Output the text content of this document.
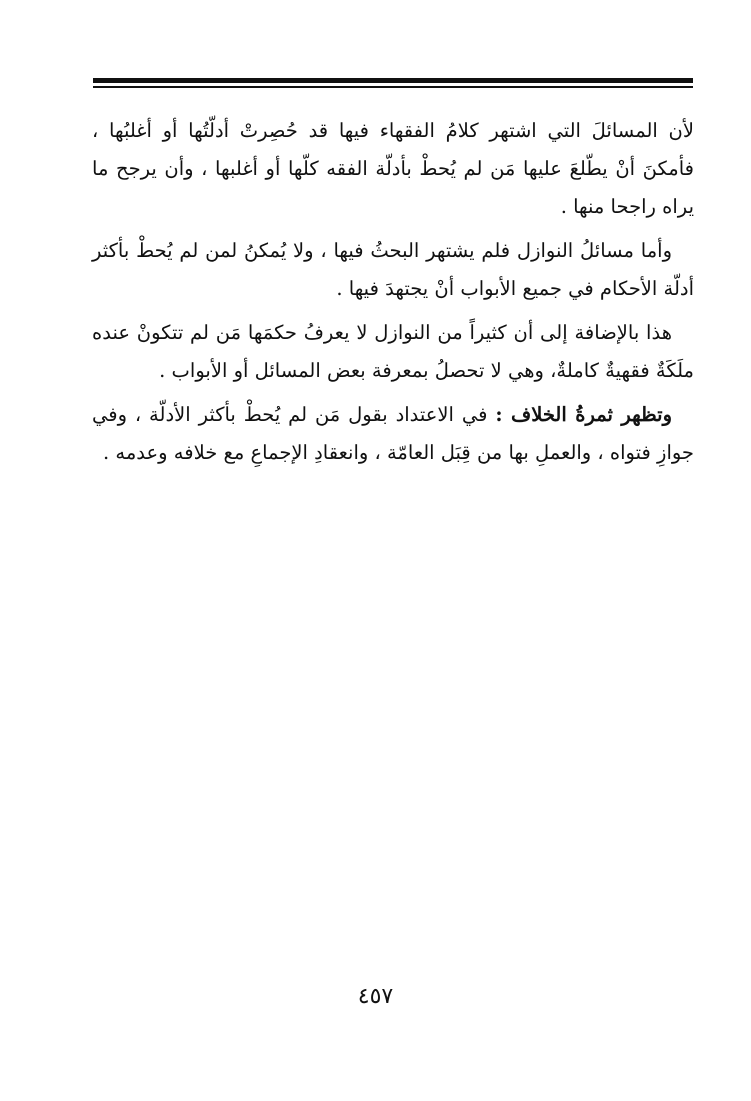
لأن المسائلَ التي اشتهر كلامُ الفقهاء فيها قد حُصِرتْ أدلّتُها أو أغلبُها ، فأمكنَ أنْ يطّلعَ عليها مَن لم يُحطْ بأدلّة الفقه كلّها أو أغلبها ، وأن يرجح ما يراه راجحا منها .

وأما مسائلُ النوازل فلم يشتهر البحثُ فيها ، ولا يُمكنُ لمن لم يُحطْ بأكثر أدلّة الأحكام في جميع الأبواب أنْ يجتهدَ فيها .

هذا بالإضافة إلى أن كثيراً من النوازل لا يعرفُ حكمَها مَن لم تتكونْ عنده ملَكَةٌ فقهيةٌ كاملةٌ، وهي لا تحصلُ بمعرفة بعض المسائل أو الأبواب .

وتظهر ثمرةُ الخلاف : في الاعتداد بقول مَن لم يُحطْ بأكثر الأدلّة ، وفي جوازِ فتواه ، والعملِ بها من قِبَل العامّة ، وانعقادِ الإجماعِ مع خلافه وعدمه .

٤٥٧
